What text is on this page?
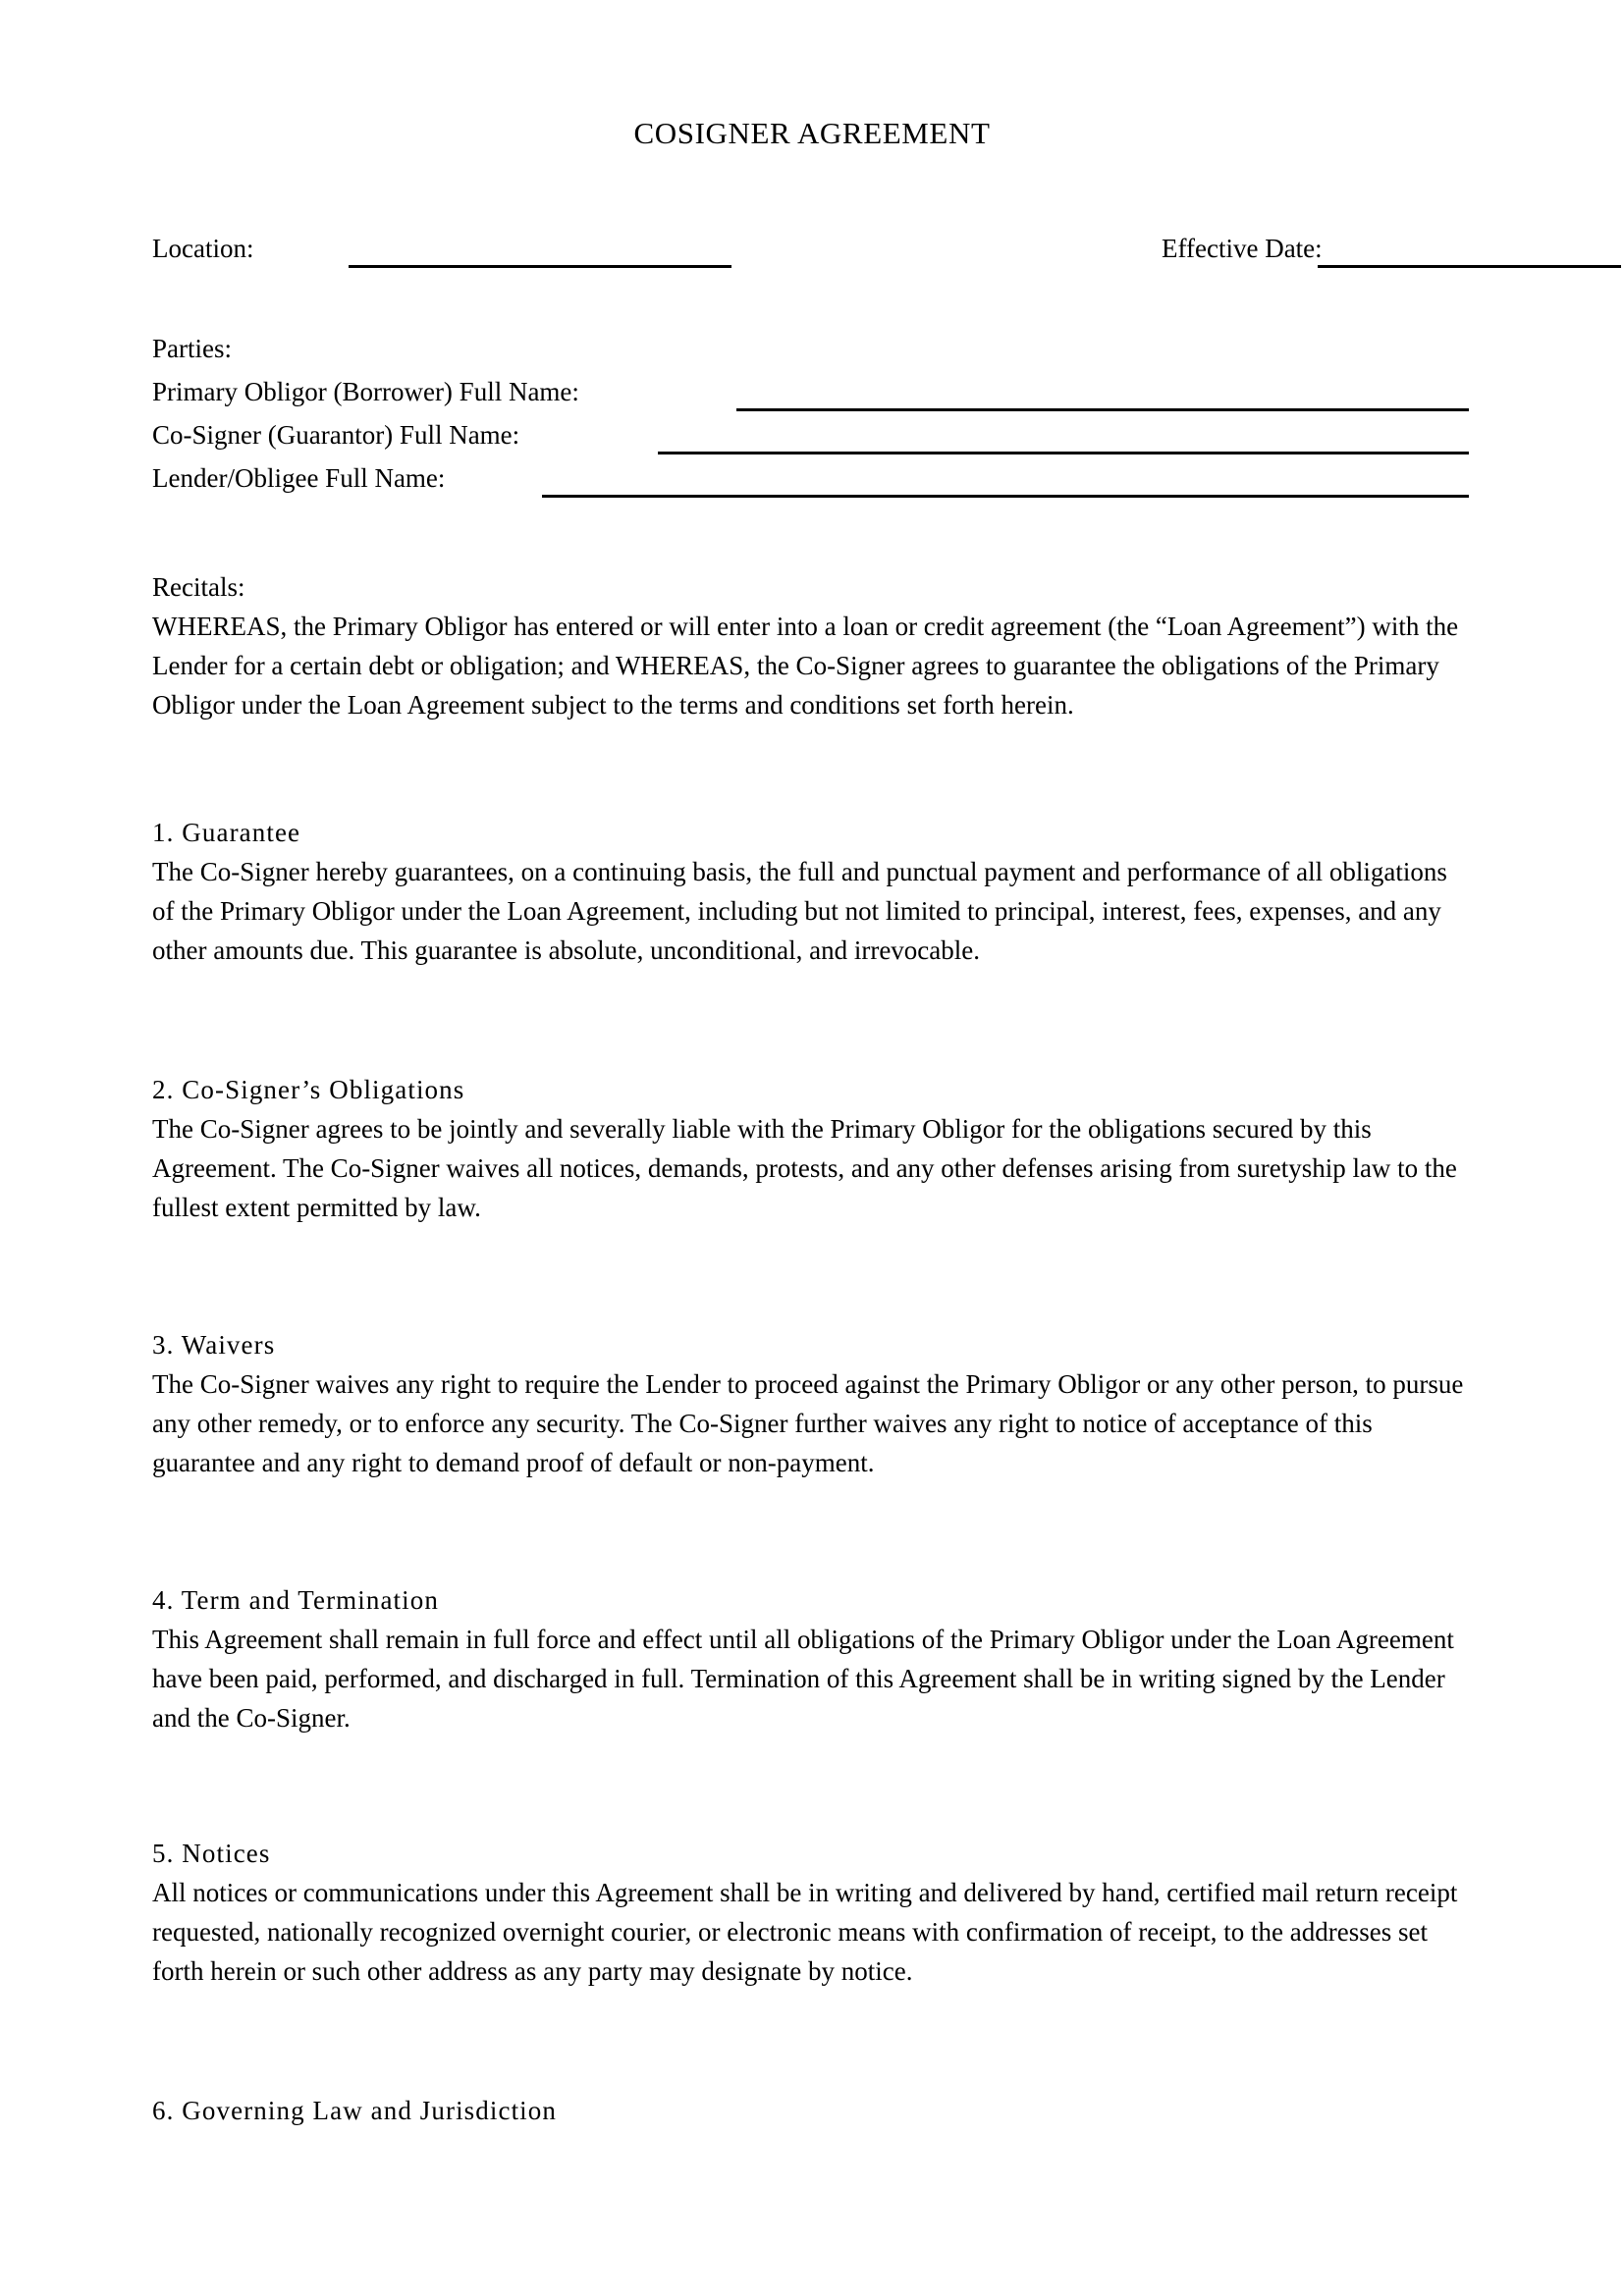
COSIGNER AGREEMENT
Location:	Effective Date:
Parties:
Primary Obligor (Borrower) Full Name:
Co-Signer (Guarantor) Full Name:
Lender/Obligee Full Name:
Recitals:
WHEREAS, the Primary Obligor has entered or will enter into a loan or credit agreement (the “Loan Agreement”) with the Lender for a certain debt or obligation; and WHEREAS, the Co-Signer agrees to guarantee the obligations of the Primary Obligor under the Loan Agreement subject to the terms and conditions set forth herein.
1. Guarantee
The Co-Signer hereby guarantees, on a continuing basis, the full and punctual payment and performance of all obligations of the Primary Obligor under the Loan Agreement, including but not limited to principal, interest, fees, expenses, and any other amounts due. This guarantee is absolute, unconditional, and irrevocable.
2. Co-Signer’s Obligations
The Co-Signer agrees to be jointly and severally liable with the Primary Obligor for the obligations secured by this Agreement. The Co-Signer waives all notices, demands, protests, and any other defenses arising from suretyship law to the fullest extent permitted by law.
3. Waivers
The Co-Signer waives any right to require the Lender to proceed against the Primary Obligor or any other person, to pursue any other remedy, or to enforce any security. The Co-Signer further waives any right to notice of acceptance of this guarantee and any right to demand proof of default or non-payment.
4. Term and Termination
This Agreement shall remain in full force and effect until all obligations of the Primary Obligor under the Loan Agreement have been paid, performed, and discharged in full. Termination of this Agreement shall be in writing signed by the Lender and the Co-Signer.
5. Notices
All notices or communications under this Agreement shall be in writing and delivered by hand, certified mail return receipt requested, nationally recognized overnight courier, or electronic means with confirmation of receipt, to the addresses set forth herein or such other address as any party may designate by notice.
6. Governing Law and Jurisdiction
